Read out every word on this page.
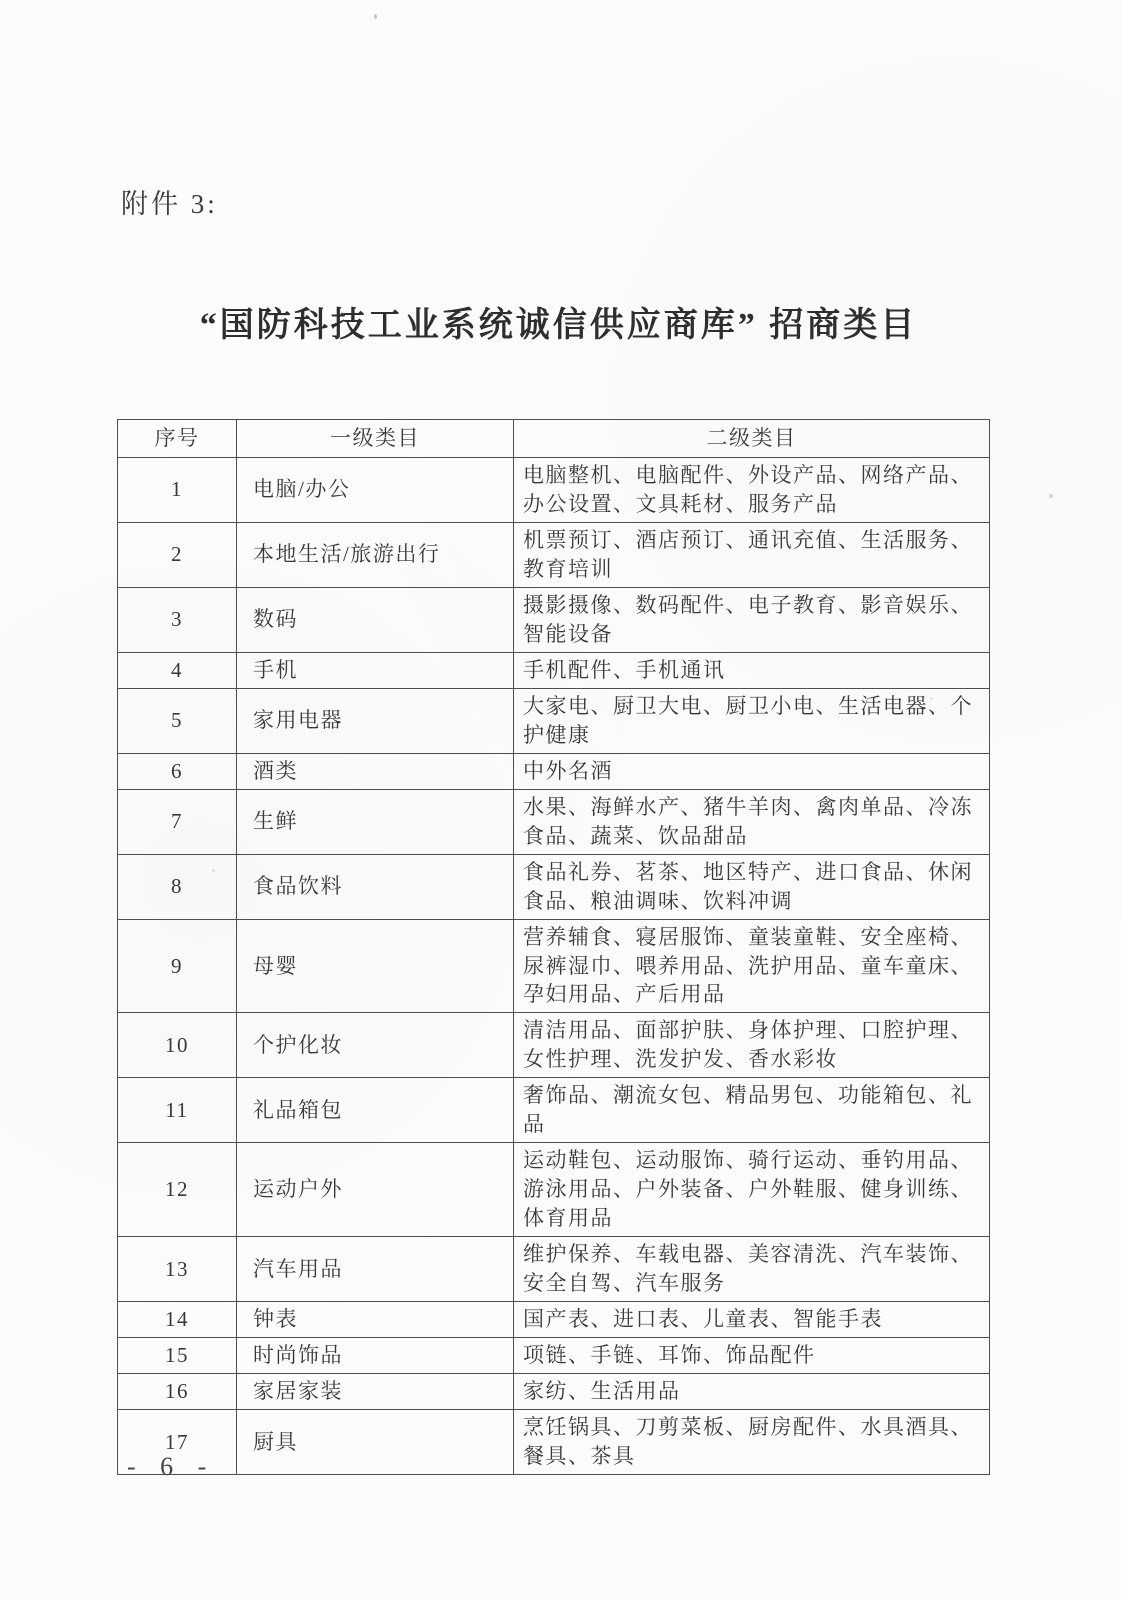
附件 3:
“国防科技工业系统诚信供应商库” 招商类目
序号	一级类目	二级类目
1	电脑/办公	电脑整机、电脑配件、外设产品、网络产品、办公设置、文具耗材、服务产品
2	本地生活/旅游出行	机票预订、酒店预订、通讯充值、生活服务、教育培训
3	数码	摄影摄像、数码配件、电子教育、影音娱乐、智能设备
4	手机	手机配件、手机通讯
5	家用电器	大家电、厨卫大电、厨卫小电、生活电器、个护健康
6	酒类	中外名酒
7	生鲜	水果、海鲜水产、猪牛羊肉、禽肉单品、冷冻食品、蔬菜、饮品甜品
8	食品饮料	食品礼券、茗茶、地区特产、进口食品、休闲食品、粮油调味、饮料冲调
9	母婴	营养辅食、寝居服饰、童装童鞋、安全座椅、尿裤湿巾、喂养用品、洗护用品、童车童床、孕妇用品、产后用品
10	个护化妆	清洁用品、面部护肤、身体护理、口腔护理、女性护理、洗发护发、香水彩妆
11	礼品箱包	奢饰品、潮流女包、精品男包、功能箱包、礼品
12	运动户外	运动鞋包、运动服饰、骑行运动、垂钓用品、游泳用品、户外装备、户外鞋服、健身训练、体育用品
13	汽车用品	维护保养、车载电器、美容清洗、汽车装饰、安全自驾、汽车服务
14	钟表	国产表、进口表、儿童表、智能手表
15	时尚饰品	项链、手链、耳饰、饰品配件
16	家居家装	家纺、生活用品
17	厨具	烹饪锅具、刀剪菜板、厨房配件、水具酒具、餐具、茶具
- 6 -
